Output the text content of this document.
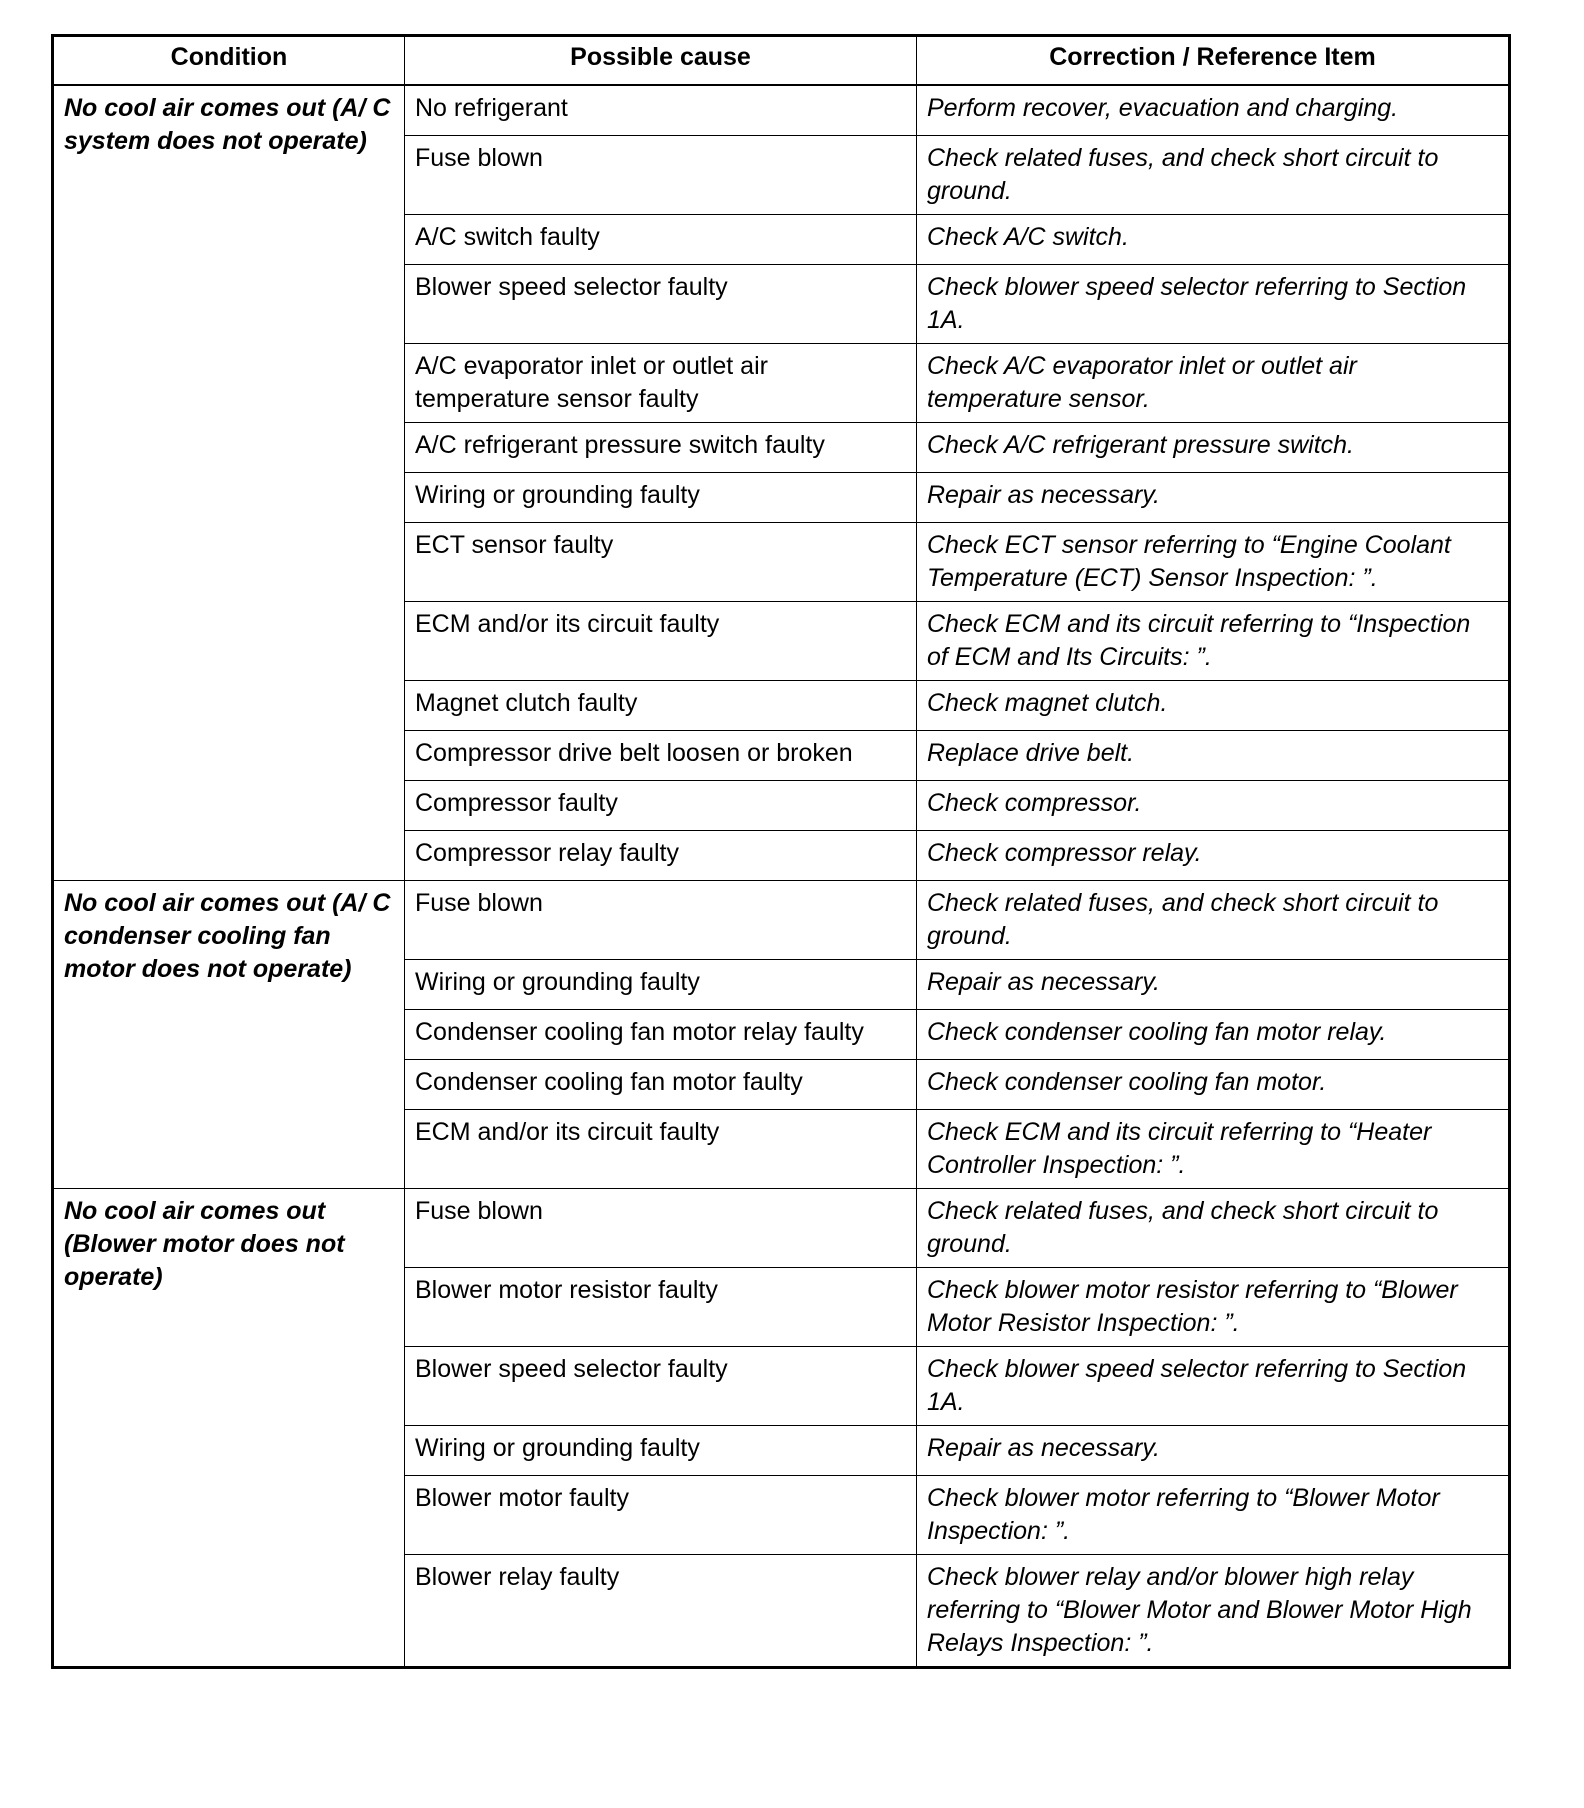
Condition	Possible cause	Correction / Reference Item
No cool air comes out (A/ C system does not operate)	No refrigerant	Perform recover, evacuation and charging.
	Fuse blown	Check related fuses, and check short circuit to ground.
	A/C switch faulty	Check A/C switch.
	Blower speed selector faulty	Check blower speed selector referring to Section 1A.
	A/C evaporator inlet or outlet air temperature sensor faulty	Check A/C evaporator inlet or outlet air temperature sensor.
	A/C refrigerant pressure switch faulty	Check A/C refrigerant pressure switch.
	Wiring or grounding faulty	Repair as necessary.
	ECT sensor faulty	Check ECT sensor referring to “Engine Coolant Temperature (ECT) Sensor Inspection: ”.
	ECM and/or its circuit faulty	Check ECM and its circuit referring to “Inspection of ECM and Its Circuits: ”.
	Magnet clutch faulty	Check magnet clutch.
	Compressor drive belt loosen or broken	Replace drive belt.
	Compressor faulty	Check compressor.
	Compressor relay faulty	Check compressor relay.
No cool air comes out (A/ C condenser cooling fan motor does not operate)	Fuse blown	Check related fuses, and check short circuit to ground.
	Wiring or grounding faulty	Repair as necessary.
	Condenser cooling fan motor relay faulty	Check condenser cooling fan motor relay.
	Condenser cooling fan motor faulty	Check condenser cooling fan motor.
	ECM and/or its circuit faulty	Check ECM and its circuit referring to “Heater Controller Inspection: ”.
No cool air comes out (Blower motor does not operate)	Fuse blown	Check related fuses, and check short circuit to ground.
	Blower motor resistor faulty	Check blower motor resistor referring to “Blower Motor Resistor Inspection: ”.
	Blower speed selector faulty	Check blower speed selector referring to Section 1A.
	Wiring or grounding faulty	Repair as necessary.
	Blower motor faulty	Check blower motor referring to “Blower Motor Inspection: ”.
	Blower relay faulty	Check blower relay and/or blower high relay referring to “Blower Motor and Blower Motor High Relays Inspection: ”.
